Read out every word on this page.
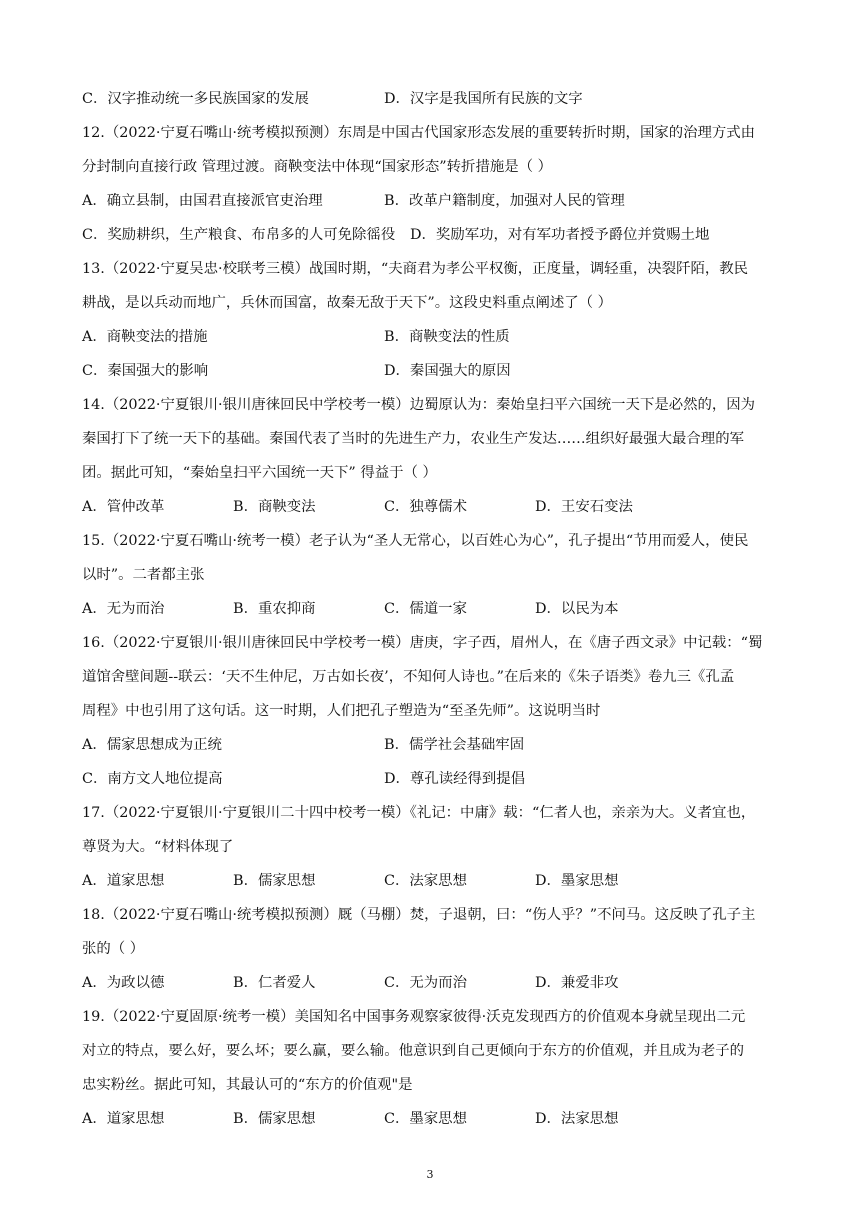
C．汉字推动统一多民族国家的发展	D．汉字是我国所有民族的文字
12.（2022·宁夏石嘴山·统考模拟预测）东周是中国古代国家形态发展的重要转折时期，国家的治理方式由
分封制向直接行政 管理过渡。商鞅变法中体现“国家形态”转折措施是（ ）
A．确立县制，由国君直接派官吏治理	B．改革户籍制度，加强对人民的管理
C．奖励耕织，生产粮食、布帛多的人可免除徭役 D．奖励军功，对有军功者授予爵位并赏赐土地
13.（2022·宁夏吴忠·校联考三模）战国时期，“夫商君为孝公平权衡，正度量，调轻重，决裂阡陌，教民
耕战，是以兵动而地广，兵休而国富，故秦无敌于天下”。这段史料重点阐述了（ ）
A．商鞅变法的措施	B．商鞅变法的性质
C．秦国强大的影响	D．秦国强大的原因
14.（2022·宁夏银川·银川唐徕回民中学校考一模）边蜀原认为：秦始皇扫平六国统一天下是必然的，因为
秦国打下了统一天下的基础。秦国代表了当时的先进生产力，农业生产发达……组织好最强大最合理的军
团。据此可知，“秦始皇扫平六国统一天下” 得益于（ ）
A．管仲改革	B．商鞅变法	C．独尊儒术	D．王安石变法
15.（2022·宁夏石嘴山·统考一模）老子认为“圣人无常心，以百姓心为心”，孔子提出“节用而爱人，使民
以时”。二者都主张
A．无为而治	B．重农抑商	C．儒道一家	D．以民为本
16.（2022·宁夏银川·银川唐徕回民中学校考一模）唐庚，字子西，眉州人，在《唐子西文录》中记载：“蜀
道馆舍壁间题--联云：‘天不生仲尼，万古如长夜’，不知何人诗也。”在后来的《朱子语类》卷九三《孔孟
周程》中也引用了这句话。这一时期，人们把孔子塑造为“至圣先师”。这说明当时
A．儒家思想成为正统	B．儒学社会基础牢固
C．南方文人地位提高	D．尊孔读经得到提倡
17.（2022·宁夏银川·宁夏银川二十四中校考一模）《礼记：中庸》载：“仁者人也，亲亲为大。义者宜也，
尊贤为大。“材料体现了
A．道家思想	B．儒家思想	C．法家思想	D．墨家思想
18.（2022·宁夏石嘴山·统考模拟预测）厩（马棚）焚，子退朝，曰：“伤人乎？”不问马。这反映了孔子主
张的（ ）
A．为政以德	B．仁者爱人	C．无为而治	D．兼爱非攻
19.（2022·宁夏固原·统考一模）美国知名中国事务观察家彼得·沃克发现西方的价值观本身就呈现出二元
对立的特点，要么好，要么坏；要么赢，要么输。他意识到自己更倾向于东方的价值观，并且成为老子的
忠实粉丝。据此可知，其最认可的“东方的价值观"是
A．道家思想	B．儒家思想	C．墨家思想	D．法家思想
3
